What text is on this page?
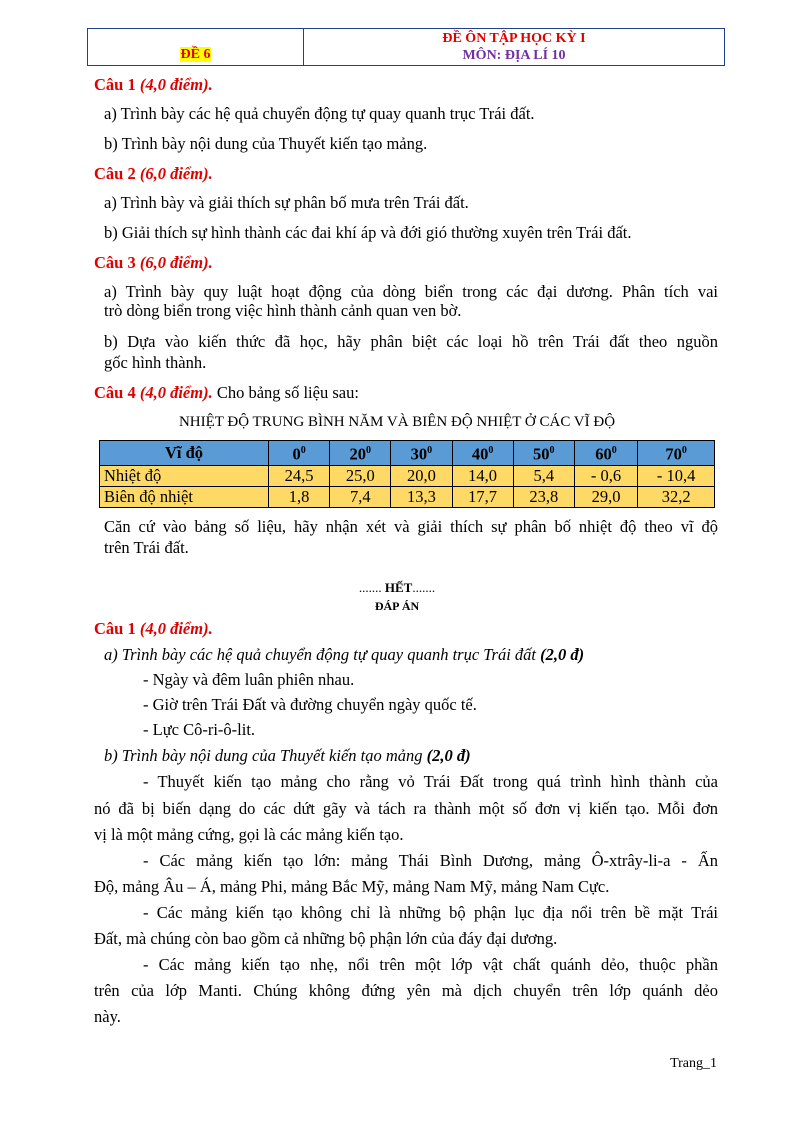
ĐỀ 6
ĐỀ ÔN TẬP HỌC KỲ I
MÔN: ĐỊA LÍ 10
Câu 1 (4,0 điểm).
a) Trình bày các hệ quả chuyển động tự quay quanh trục Trái đất.
b) Trình bày nội dung của Thuyết kiến tạo mảng.
Câu 2 (6,0 điểm).
a) Trình bày và giải thích sự phân bố mưa trên Trái đất.
b) Giải thích sự hình thành các đai khí áp và đới gió thường xuyên trên Trái đất.
Câu 3 (6,0 điểm).
a) Trình bày quy luật hoạt động của dòng biển trong các đại dương. Phân tích vai
trò dòng biển trong việc hình thành cảnh quan ven bờ.
b) Dựa vào kiến thức đã học, hãy phân biệt các loại hồ trên Trái đất theo nguồn
gốc hình thành.
Câu 4 (4,0 điểm). Cho bảng số liệu sau:
NHIỆT ĐỘ TRUNG BÌNH NĂM VÀ BIÊN ĐỘ NHIỆT Ở CÁC VĨ ĐỘ
Vĩ độ	$0^0$	$20^0$	$30^0$	$40^0$	$50^0$	$60^0$	$70^0$
Nhiệt độ	24,5	25,0	20,0	14,0	5,4	- 0,6	- 10,4
Biên độ nhiệt	1,8	7,4	13,3	17,7	23,8	29,0	32,2
Căn cứ vào bảng số liệu, hãy nhận xét và giải thích sự phân bố nhiệt độ theo vĩ độ
trên Trái đất.
....... HẾT.......
ĐÁP ÁN
Câu 1 (4,0 điểm).
a) Trình bày các hệ quả chuyển động tự quay quanh trục Trái đất (2,0 đ)
- Ngày và đêm luân phiên nhau.
- Giờ trên Trái Đất và đường chuyển ngày quốc tế.
- Lực Cô-ri-ô-lit.
b) Trình bày nội dung của Thuyết kiến tạo mảng (2,0 đ)
- Thuyết kiến tạo mảng cho rằng vỏ Trái Đất trong quá trình hình thành của
nó đã bị biến dạng do các dứt gãy và tách ra thành một số đơn vị kiến tạo. Mỗi đơn
vị là một mảng cứng, gọi là các mảng kiến tạo.
- Các mảng kiến tạo lớn: mảng Thái Bình Dương, mảng Ô-xtrây-li-a - Ấn
Độ, mảng Âu – Á, mảng Phi, mảng Bắc Mỹ, mảng Nam Mỹ, mảng Nam Cực.
- Các mảng kiến tạo không chỉ là những bộ phận lục địa nổi trên bề mặt Trái
Đất, mà chúng còn bao gồm cả những bộ phận lớn của đáy đại dương.
- Các mảng kiến tạo nhẹ, nổi trên một lớp vật chất quánh dẻo, thuộc phần
trên của lớp Manti. Chúng không đứng yên mà dịch chuyển trên lớp quánh dẻo
này.
Trang_1
